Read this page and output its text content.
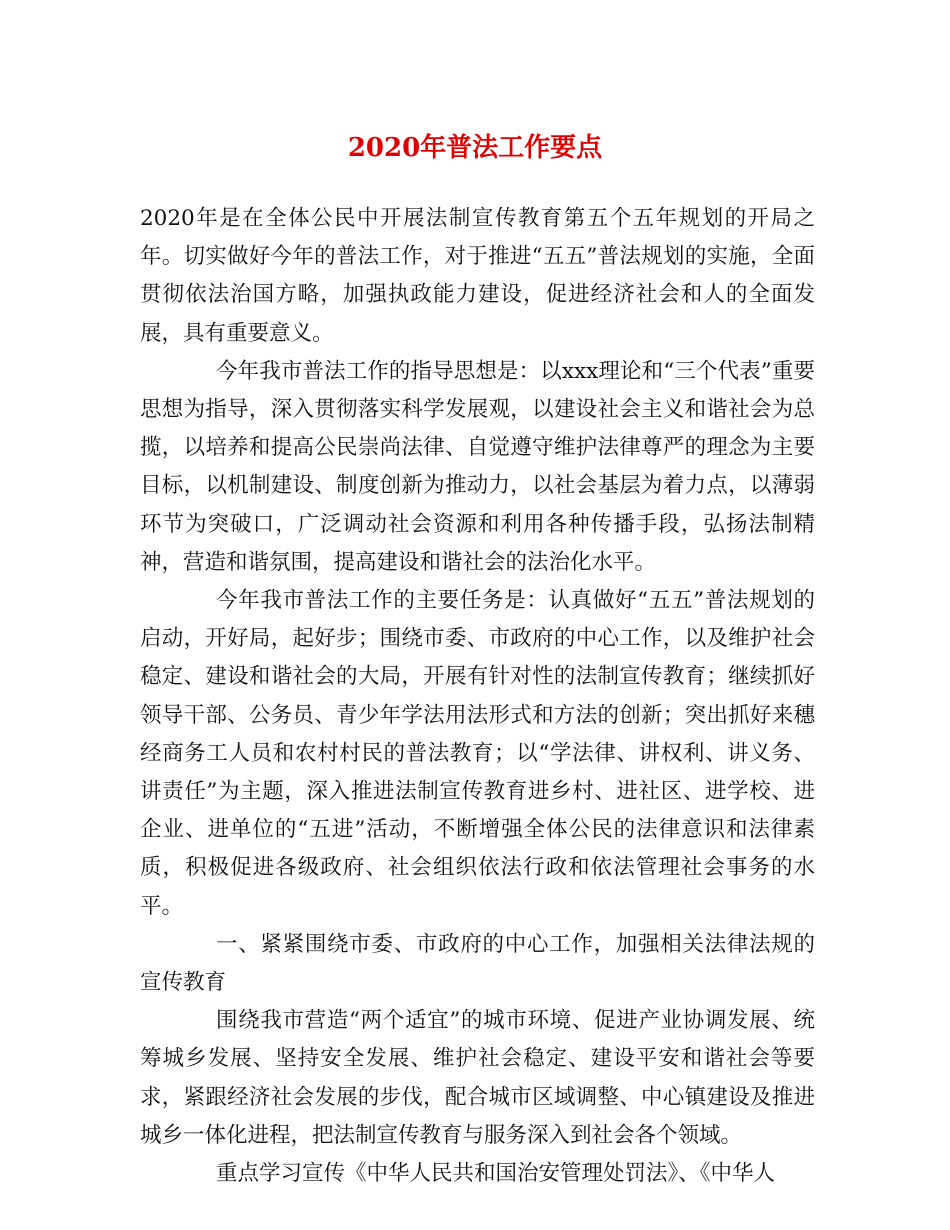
2020年普法工作要点

2020年是在全体公民中开展法制宣传教育第五个五年规划的开局之年。切实做好今年的普法工作，对于推进“五五”普法规划的实施，全面贯彻依法治国方略，加强执政能力建设，促进经济社会和人的全面发展，具有重要意义。

今年我市普法工作的指导思想是：以xxx理论和“三个代表”重要思想为指导，深入贯彻落实科学发展观，以建设社会主义和谐社会为总揽，以培养和提高公民崇尚法律、自觉遵守维护法律尊严的理念为主要目标，以机制建设、制度创新为推动力，以社会基层为着力点，以薄弱环节为突破口，广泛调动社会资源和利用各种传播手段，弘扬法制精神，营造和谐氛围，提高建设和谐社会的法治化水平。

今年我市普法工作的主要任务是：认真做好“五五”普法规划的启动，开好局，起好步；围绕市委、市政府的中心工作，以及维护社会稳定、建设和谐社会的大局，开展有针对性的法制宣传教育；继续抓好领导干部、公务员、青少年学法用法形式和方法的创新；突出抓好来穗经商务工人员和农村村民的普法教育；以“学法律、讲权利、讲义务、讲责任”为主题，深入推进法制宣传教育进乡村、进社区、进学校、进企业、进单位的“五进”活动，不断增强全体公民的法律意识和法律素质，积极促进各级政府、社会组织依法行政和依法管理社会事务的水平。

一、紧紧围绕市委、市政府的中心工作，加强相关法律法规的宣传教育

围绕我市营造“两个适宜”的城市环境、促进产业协调发展、统筹城乡发展、坚持安全发展、维护社会稳定、建设平安和谐社会等要求，紧跟经济社会发展的步伐，配合城市区域调整、中心镇建设及推进城乡一体化进程，把法制宣传教育与服务深入到社会各个领域。

重点学习宣传《中华人民共和国治安管理处罚法》、《中华人
